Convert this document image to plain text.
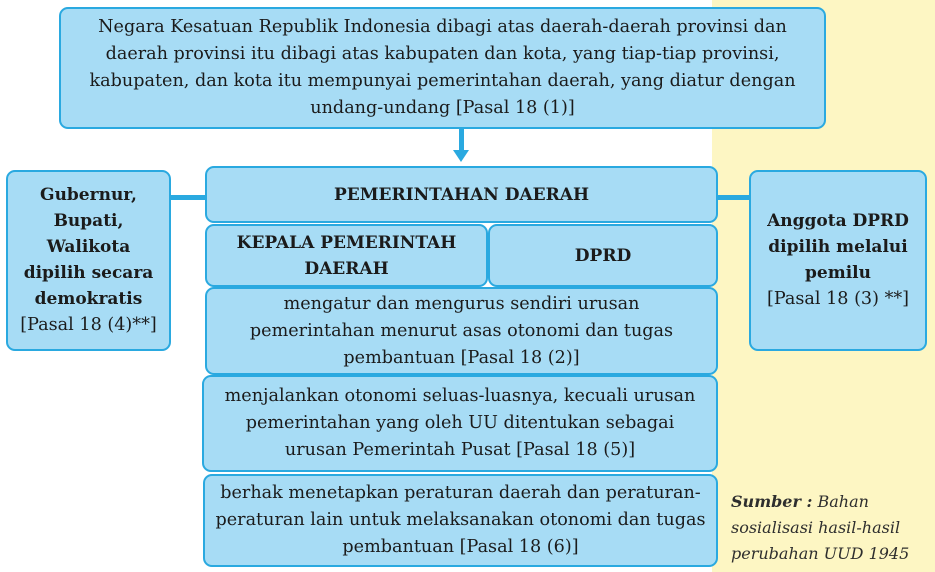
Negara Kesatuan Republik Indonesia dibagi atas daerah-daerah provinsi dan daerah provinsi itu dibagi atas kabupaten dan kota, yang tiap-tiap provinsi, kabupaten, dan kota itu mempunyai pemerintahan daerah, yang diatur dengan undang-undang [Pasal 18 (1)]

PEMERINTAHAN DAERAH

KEPALA PEMERINTAH DAERAH

DPRD

mengatur dan mengurus sendiri urusan pemerintahan menurut asas otonomi dan tugas pembantuan [Pasal 18 (2)]

menjalankan otonomi seluas-luasnya, kecuali urusan pemerintahan yang oleh UU ditentukan sebagai urusan Pemerintah Pusat [Pasal 18 (5)]

berhak menetapkan peraturan daerah dan peraturan-peraturan lain untuk melaksanakan otonomi dan tugas pembantuan [Pasal 18 (6)]

Gubernur, Bupati, Walikota dipilih secara demokratis

[Pasal 18 (4)**]

Anggota DPRD dipilih melalui pemilu

[Pasal 18 (3) **]

Sumber : Bahan sosialisasi hasil-hasil perubahan UUD 1945
